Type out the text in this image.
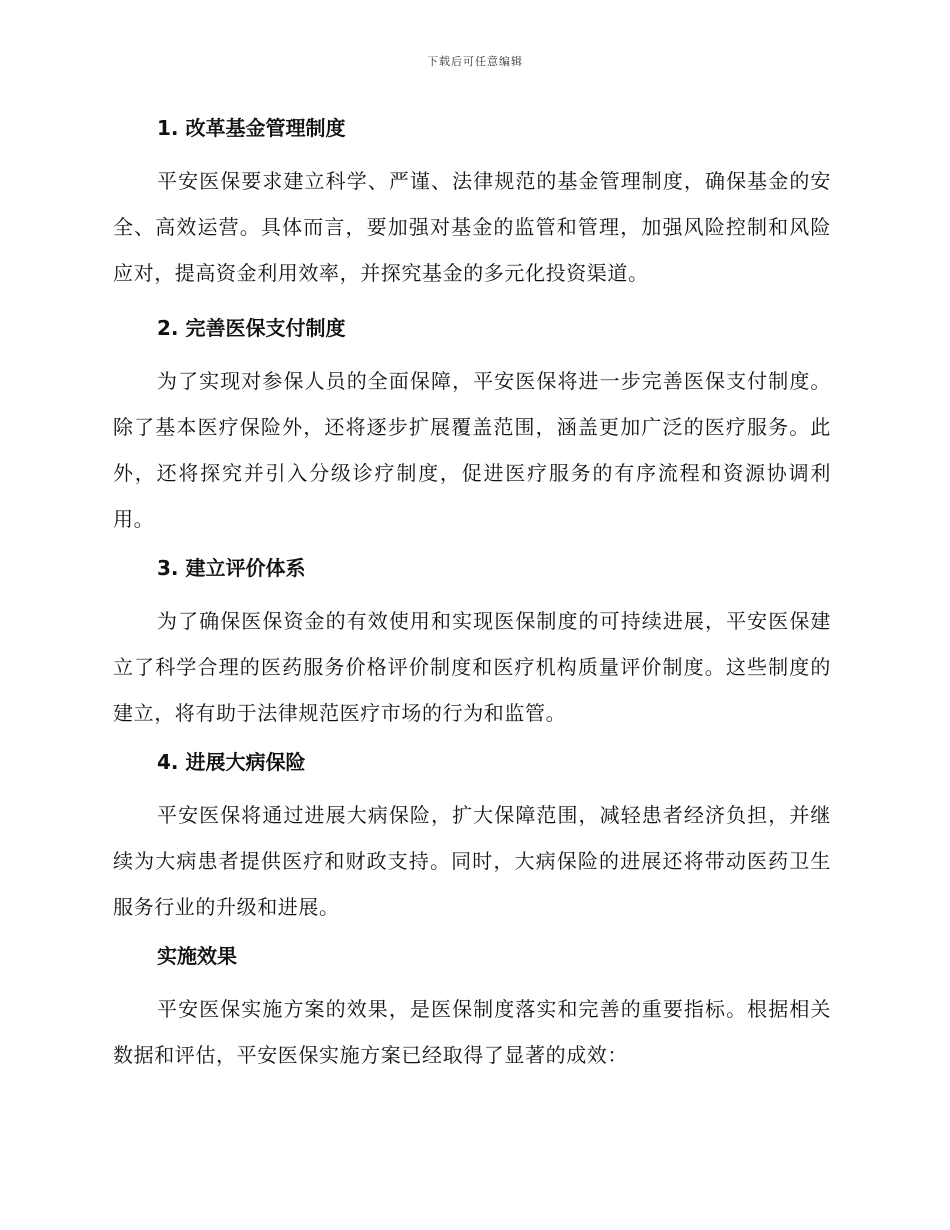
下载后可任意编辑
1. 改革基金管理制度

平安医保要求建立科学、严谨、法律规范的基金管理制度，确保基金的安全、高效运营。具体而言，要加强对基金的监管和管理，加强风险控制和风险应对，提高资金利用效率，并探究基金的多元化投资渠道。

2. 完善医保支付制度

为了实现对参保人员的全面保障，平安医保将进一步完善医保支付制度。除了基本医疗保险外，还将逐步扩展覆盖范围，涵盖更加广泛的医疗服务。此外，还将探究并引入分级诊疗制度，促进医疗服务的有序流程和资源协调利用。

3. 建立评价体系

为了确保医保资金的有效使用和实现医保制度的可持续进展，平安医保建立了科学合理的医药服务价格评价制度和医疗机构质量评价制度。这些制度的建立，将有助于法律规范医疗市场的行为和监管。

4. 进展大病保险

平安医保将通过进展大病保险，扩大保障范围，减轻患者经济负担，并继续为大病患者提供医疗和财政支持。同时，大病保险的进展还将带动医药卫生服务行业的升级和进展。

实施效果

平安医保实施方案的效果，是医保制度落实和完善的重要指标。根据相关数据和评估，平安医保实施方案已经取得了显著的成效：
